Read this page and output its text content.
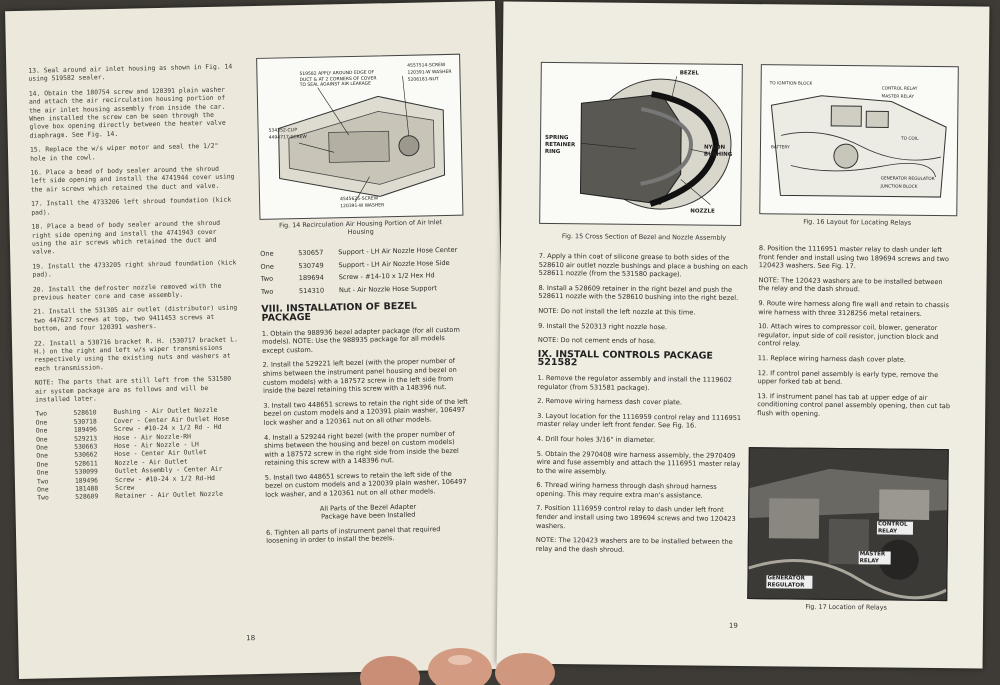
13. Seal around air inlet housing as shown in Fig. 14 using 519582 sealer.

14. Obtain the 180754 screw and 120391 plain washer and attach the air recirculation housing portion of the air inlet housing assembly from inside the car. When installed the screw can be seen through the glove box opening directly between the heater valve diaphragm. See Fig. 14.

15. Replace the w/s wiper motor and seal the 1/2" hole in the cowl.

16. Place a bead of body sealer around the shroud left side opening and install the 4741944 cover using the air screws which retained the duct and valve.

17. Install the 4733206 left shroud foundation (kick pad).

18. Place a bead of body sealer around the shroud right side opening and install the 4741943 cover using the air screws which retained the duct and valve.

19. Install the 4733205 right shroud foundation (kick pad).

20. Install the defroster nozzle removed with the previous heater core and case assembly.

21. Install the 531305 air outlet (distributor) using two 447627 screws at top, two 9411453 screws at bottom, and four 120391 washers.

22. Install a 530716 bracket R. H. (530717 bracket L. H.) on the right and left w/s wiper transmissions respectively using the existing nuts and washers at each transmission.

NOTE: The parts that are still left from the 531580 air system package are as follows and will be installed later.

Two	528610	Bushing - Air Outlet Nozzle
One	530718	Cover - Center Air Outlet Hose
One	189496	Screw - #10-24 x 1/2 Rd - Hd
One	529213	Hose - Air Nozzle-RH
One	530663	Hose - Air Nozzle - LH
One	530662	Hose - Center Air Outlet
One	528611	Nozzle - Air Outlet
One	530099	Outlet Assembly - Center Air
Two	189496	Screw - #10-24 x 1/2 Rd-Hd
One	181488	Screw
Two	528609	Retainer - Air Outlet Nozzle
519582 APPLY AROUND EDGE OF DUCT & AT 2 CORNERS OF COVER TO SEAL AGAINST AIR LEAKAGE
4557514-SCREW
120391-W WASHER
5206181-NUT
534352-CLIP
4494717-SCREW
4545625-SCREW
120391-W WASHER
Fig. 14 Recirculation Air Housing Portion of Air Inlet Housing
One	530657 Support - LH Air Nozzle Hose Center
One	530749 Support - LH Air Nozzle Hose Side
Two	189694 Screw - #14-10 x 1/2 Hex Hd
Two	514310 Nut - Air Nozzle Hose Support
VIII. INSTALLATION OF BEZEL PACKAGE

1. Obtain the 988936 bezel adapter package (for all custom models). NOTE: Use the 988935 package for all models except custom.

2. Install the 529221 left bezel (with the proper number of shims between the instrument panel housing and bezel on custom models) with a 187572 screw in the left side from inside the bezel retaining this screw with a 148396 nut.

3. Install two 448651 screws to retain the right side of the left bezel on custom models and a 120391 plain washer, 106497 lock washer and a 120361 nut on all other models.

4. Install a 529244 right bezel (with the proper number of shims between the housing and bezel on custom models) with a 187572 screw in the right side from inside the bezel retaining this screw with a 148396 nut.

5. Install two 448651 screws to retain the left side of the bezel on custom models and a 120039 plain washer, 106497 lock washer, and a 120361 nut on all other models.

All Parts of the Bezel Adapter
Package have been Installed

6. Tighten all parts of instrument panel that required loosening in order to install the bezels.

18
BEZEL
SPRING RETAINER RING
NYLON BUSHING
NOZZLE
Fig. 15 Cross Section of Bezel and Nozzle Assembly
CONTROL RELAY
MASTER RELAY
TO IGNITION BLOCK
TO COIL
BATTERY
GENERATOR REGULATOR
JUNCTION BLOCK
Fig. 16 Layout for Locating Relays

7. Apply a thin coat of silicone grease to both sides of the 528610 air outlet nozzle bushings and place a bushing on each 528611 nozzle (from the 531580 package).

8. Install a 528609 retainer in the right bezel and push the 528611 nozzle with the 528610 bushing into the right bezel.

NOTE: Do not install the left nozzle at this time.

9. Install the 520313 right nozzle hose.

NOTE: Do not cement ends of hose.

IX. INSTALL CONTROLS PACKAGE 521582

1. Remove the regulator assembly and install the 1119602 regulator (from 531581 package).

2. Remove wiring harness dash cover plate.

3. Layout location for the 1116959 control relay and 1116951 master relay under left front fender. See Fig. 16.

4. Drill four holes 3/16" in diameter.

5. Obtain the 2970408 wire harness assembly, the 2970409 wire and fuse assembly and attach the 1116951 master relay to the wire assembly.

6. Thread wiring harness through dash shroud harness opening. This may require extra man's assistance.

7. Position 1116959 control relay to dash under left front fender and install using two 189694 screws and two 120423 washers.

NOTE: The 120423 washers are to be installed between the relay and the dash shroud.

8. Position the 1116951 master relay to dash under left front fender and install using two 189694 screws and two 120423 washers. See Fig. 17.

NOTE: The 120423 washers are to be installed between the relay and the dash shroud.

9. Route wire harness along fire wall and retain to chassis wire harness with three 3128256 metal retainers.

10. Attach wires to compressor coil, blower, generator regulator, input side of coil resistor, junction block and control relay.

11. Replace wiring harness dash cover plate.

12. If control panel assembly is early type, remove the upper forked tab at bend.

13. If instrument panel has tab at upper edge of air conditioning control panel assembly opening, then cut tab flush with opening.

CONTROL RELAY
MASTER RELAY
GENERATOR REGULATOR
Fig. 17 Location of Relays
19
